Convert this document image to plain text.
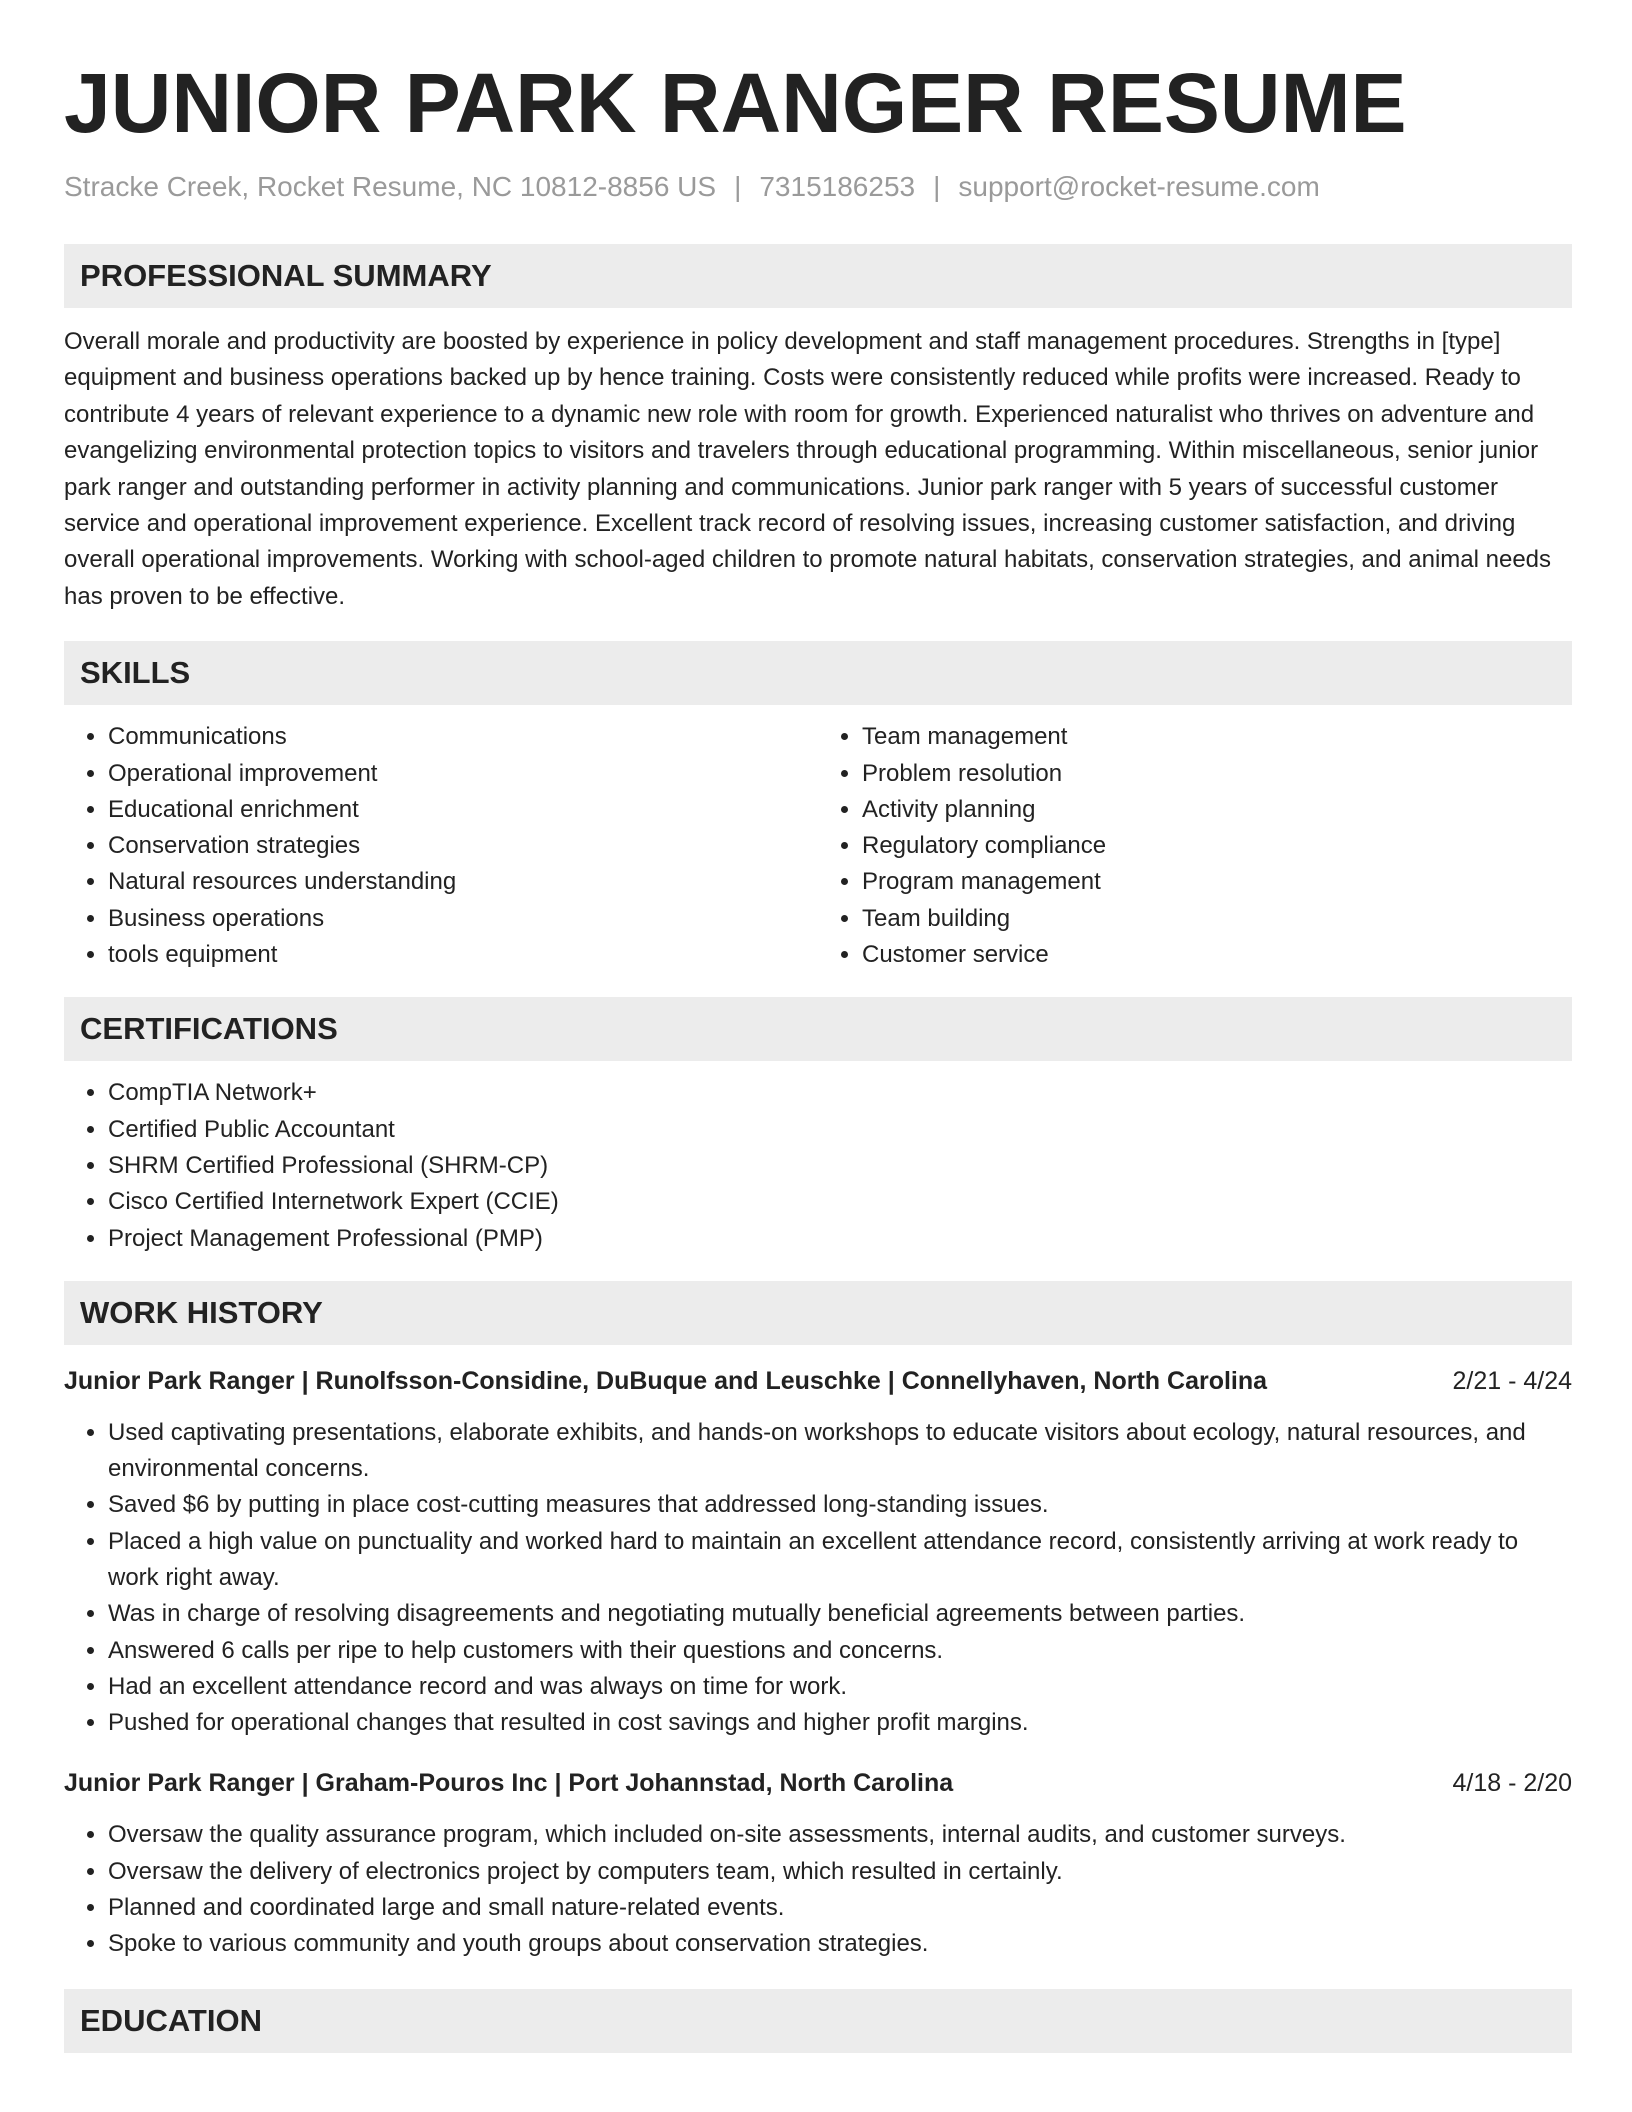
JUNIOR PARK RANGER RESUME
Stracke Creek, Rocket Resume, NC 10812-8856 US | 7315186253 | support@rocket-resume.com
PROFESSIONAL SUMMARY

Overall morale and productivity are boosted by experience in policy development and staff management procedures. Strengths in [type] equipment and business operations backed up by hence training. Costs were consistently reduced while profits were increased. Ready to contribute 4 years of relevant experience to a dynamic new role with room for growth. Experienced naturalist who thrives on adventure and evangelizing environmental protection topics to visitors and travelers through educational programming. Within miscellaneous, senior junior park ranger and outstanding performer in activity planning and communications. Junior park ranger with 5 years of successful customer service and operational improvement experience. Excellent track record of resolving issues, increasing customer satisfaction, and driving overall operational improvements. Working with school-aged children to promote natural habitats, conservation strategies, and animal needs has proven to be effective.

SKILLS
• Communications
• Operational improvement
• Educational enrichment
• Conservation strategies
• Natural resources understanding
• Business operations
• tools equipment
• Team management
• Problem resolution
• Activity planning
• Regulatory compliance
• Program management
• Team building
• Customer service
CERTIFICATIONS
• CompTIA Network+
• Certified Public Accountant
• SHRM Certified Professional (SHRM-CP)
• Cisco Certified Internetwork Expert (CCIE)
• Project Management Professional (PMP)
WORK HISTORY
Junior Park Ranger | Runolfsson-Considine, DuBuque and Leuschke | Connellyhaven, North Carolina	2/21 - 4/24
• Used captivating presentations, elaborate exhibits, and hands-on workshops to educate visitors about ecology, natural resources, and environmental concerns.
• Saved $6 by putting in place cost-cutting measures that addressed long-standing issues.
• Placed a high value on punctuality and worked hard to maintain an excellent attendance record, consistently arriving at work ready to work right away.
• Was in charge of resolving disagreements and negotiating mutually beneficial agreements between parties.
• Answered 6 calls per ripe to help customers with their questions and concerns.
• Had an excellent attendance record and was always on time for work.
• Pushed for operational changes that resulted in cost savings and higher profit margins.
Junior Park Ranger | Graham-Pouros Inc | Port Johannstad, North Carolina	4/18 - 2/20
• Oversaw the quality assurance program, which included on-site assessments, internal audits, and customer surveys.
• Oversaw the delivery of electronics project by computers team, which resulted in certainly.
• Planned and coordinated large and small nature-related events.
• Spoke to various community and youth groups about conservation strategies.
EDUCATION
